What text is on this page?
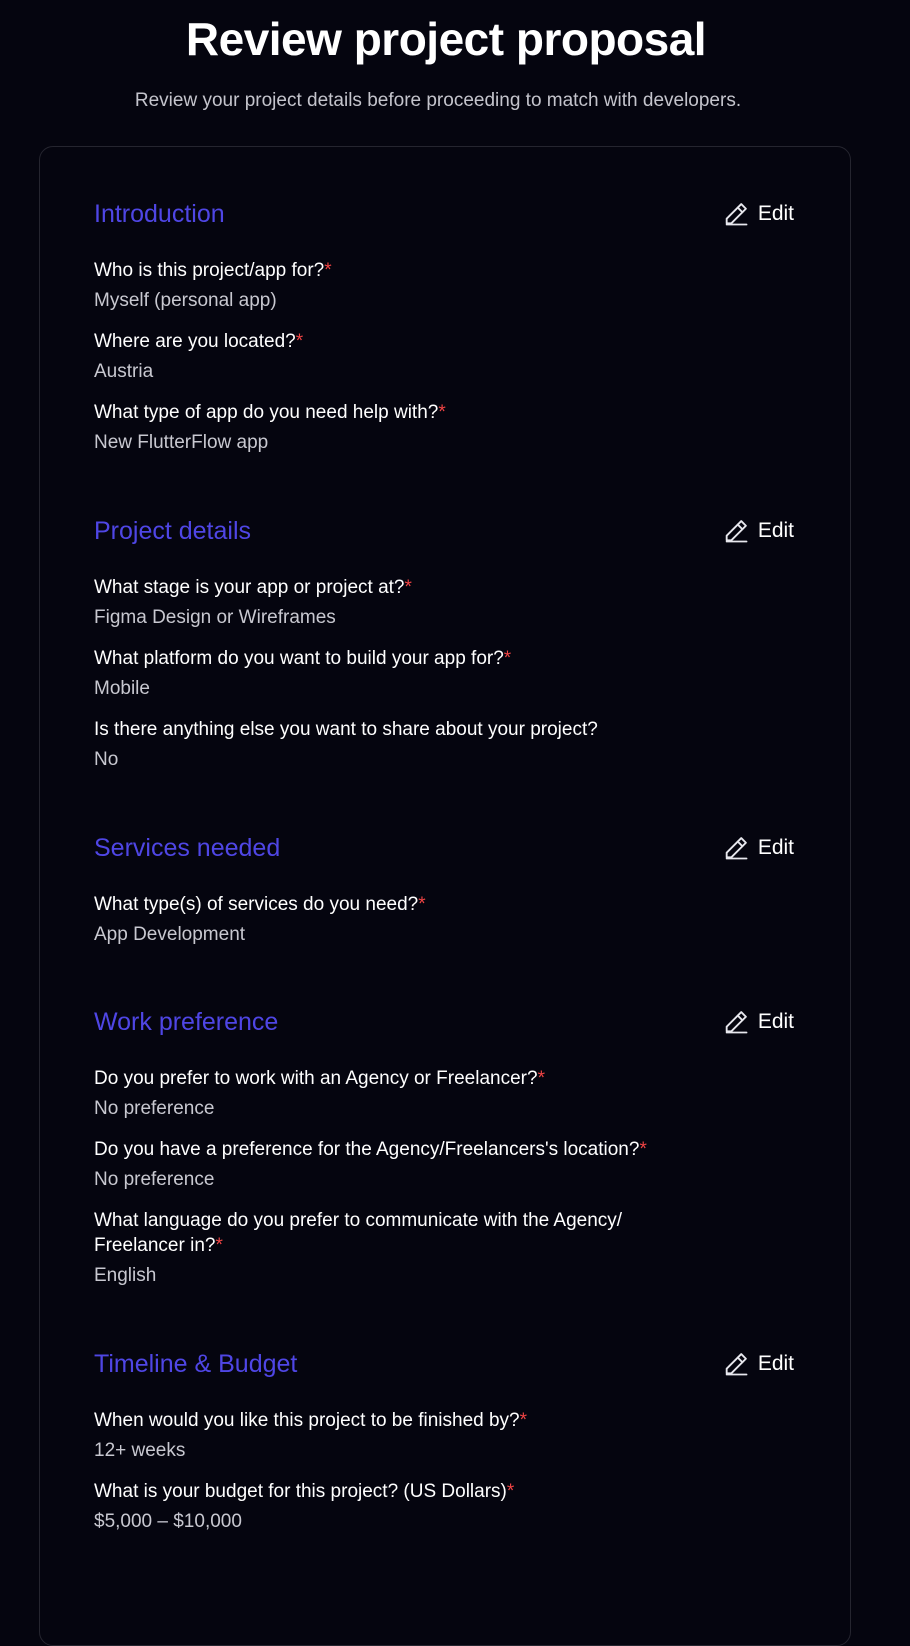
Review project proposal

Review your project details before proceeding to match with developers.

Introduction	Edit

Who is this project/app for?*

Myself (personal app)

Where are you located?*

Austria

What type of app do you need help with?*

New FlutterFlow app

Project details	Edit

What stage is your app or project at?*

Figma Design or Wireframes

What platform do you want to build your app for?*

Mobile

Is there anything else you want to share about your project?

No

Services needed	Edit

What type(s) of services do you need?*

App Development

Work preference	Edit

Do you prefer to work with an Agency or Freelancer?*

No preference

Do you have a preference for the Agency/Freelancers's location?*

No preference

What language do you prefer to communicate with the Agency/ Freelancer in?*

English

Timeline & Budget	Edit

When would you like this project to be finished by?*

12+ weeks

What is your budget for this project? (US Dollars)*

$5,000 – $10,000
